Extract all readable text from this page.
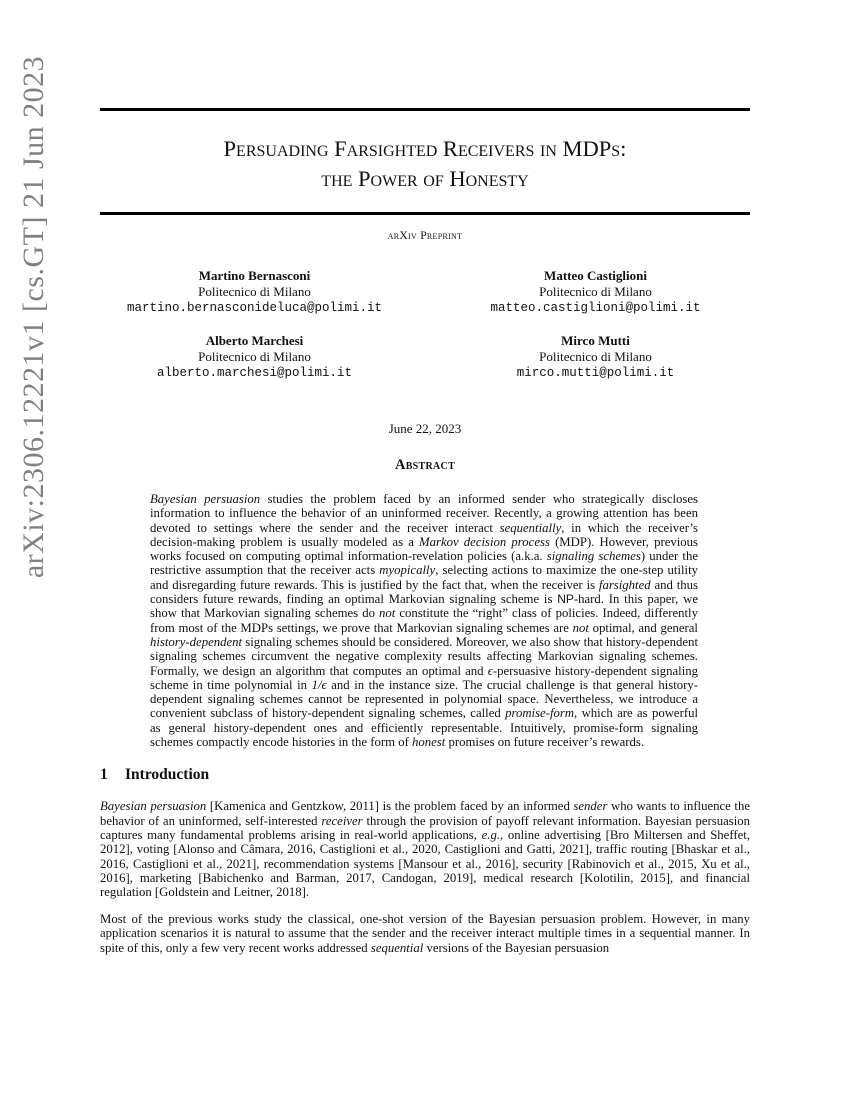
arXiv:2306.12221v1 [cs.GT] 21 Jun 2023	Persuading Farsighted Receivers in MDPs:
the Power of Honesty
arXiv Preprint
Martino Bernasconi
Politecnico di Milano
martino.bernasconideluca@polimi.it
Matteo Castiglioni
Politecnico di Milano
matteo.castiglioni@polimi.it
Alberto Marchesi
Politecnico di Milano
alberto.marchesi@polimi.it
Mirco Mutti
Politecnico di Milano
mirco.mutti@polimi.it
June 22, 2023
Abstract

Bayesian persuasion studies the problem faced by an informed sender who strategically discloses information to influence the behavior of an uninformed receiver. Recently, a growing attention has been devoted to settings where the sender and the receiver interact sequentially, in which the receiver’s decision-making problem is usually modeled as a Markov decision process (MDP). However, previous works focused on computing optimal information-revelation policies (a.k.a. signaling schemes) under the restrictive assumption that the receiver acts myopically, selecting actions to maximize the one-step utility and disregarding future rewards. This is justified by the fact that, when the receiver is farsighted and thus considers future rewards, finding an optimal Markovian signaling scheme is NP-hard. In this paper, we show that Markovian signaling schemes do not constitute the “right” class of policies. Indeed, differently from most of the MDPs settings, we prove that Markovian signaling schemes are not optimal, and general history-dependent signaling schemes should be considered. Moreover, we also show that history-dependent signaling schemes circumvent the negative complexity results affecting Markovian signaling schemes. Formally, we design an algorithm that computes an optimal and ϵ-persuasive history-dependent signaling scheme in time polynomial in 1/ϵ and in the instance size. The crucial challenge is that general history-dependent signaling schemes cannot be represented in polynomial space. Nevertheless, we introduce a convenient subclass of history-dependent signaling schemes, called promise-form, which are as powerful as general history-dependent ones and efficiently representable. Intuitively, promise-form signaling schemes compactly encode histories in the form of honest promises on future receiver’s rewards.

1 Introduction

Bayesian persuasion [Kamenica and Gentzkow, 2011] is the problem faced by an informed sender who wants to influence the behavior of an uninformed, self-interested receiver through the provision of payoff relevant information. Bayesian persuasion captures many fundamental problems arising in real-world applications, e.g., online advertising [Bro Miltersen and Sheffet, 2012], voting [Alonso and Câmara, 2016, Castiglioni et al., 2020, Castiglioni and Gatti, 2021], traffic routing [Bhaskar et al., 2016, Castiglioni et al., 2021], recommendation systems [Mansour et al., 2016], security [Rabinovich et al., 2015, Xu et al., 2016], marketing [Babichenko and Barman, 2017, Candogan, 2019], medical research [Kolotilin, 2015], and financial regulation [Goldstein and Leitner, 2018].

Most of the previous works study the classical, one-shot version of the Bayesian persuasion problem. However, in many application scenarios it is natural to assume that the sender and the receiver interact multiple times in a sequential manner. In spite of this, only a few very recent works addressed sequential versions of the Bayesian persuasion
